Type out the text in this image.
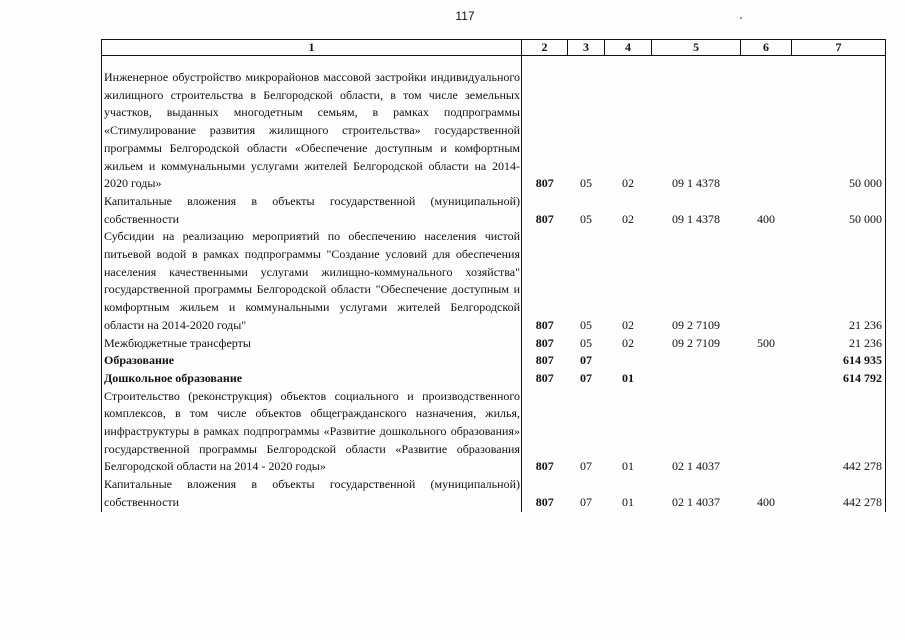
117
1	2	3	4	5	6	7

Инженерное обустройство микрорайонов массовой застройки индивидуального жилищного строительства в Белгородской области, в том числе земельных участков, выданных многодетным семьям, в рамках подпрограммы «Стимулирование развития жилищного строительства» государственной программы Белгородской области «Обеспечение доступным и комфортным жильем и коммунальными услугами жителей Белгородской области на 2014-2020 годы»	807	05	02	09 1 4378		50 000
Капитальные вложения в объекты государственной (муниципальной) собственности	807	05	02	09 1 4378	400	50 000
Субсидии на реализацию мероприятий по обеспечению населения чистой питьевой водой в рамках подпрограммы "Создание условий для обеспечения населения качественными услугами жилищно-коммунального хозяйства" государственной программы Белгородской области "Обеспечение доступным и комфортным жильем и коммунальными услугами жителей Белгородской области на 2014-2020 годы"	807	05	02	09 2 7109		21 236
Межбюджетные трансферты	807	05	02	09 2 7109	500	21 236
Образование	807	07				614 935
Дошкольное образование	807	07	01			614 792
Строительство (реконструкция) объектов социального и производственного комплексов, в том числе объектов общегражданского назначения, жилья, инфраструктуры в рамках подпрограммы «Развитие дошкольного образования» государственной программы Белгородской области «Развитие образования Белгородской области на 2014 - 2020 годы»	807	07	01	02 1 4037		442 278
Капитальные вложения в объекты государственной (муниципальной) собственности	807	07	01	02 1 4037	400	442 278
